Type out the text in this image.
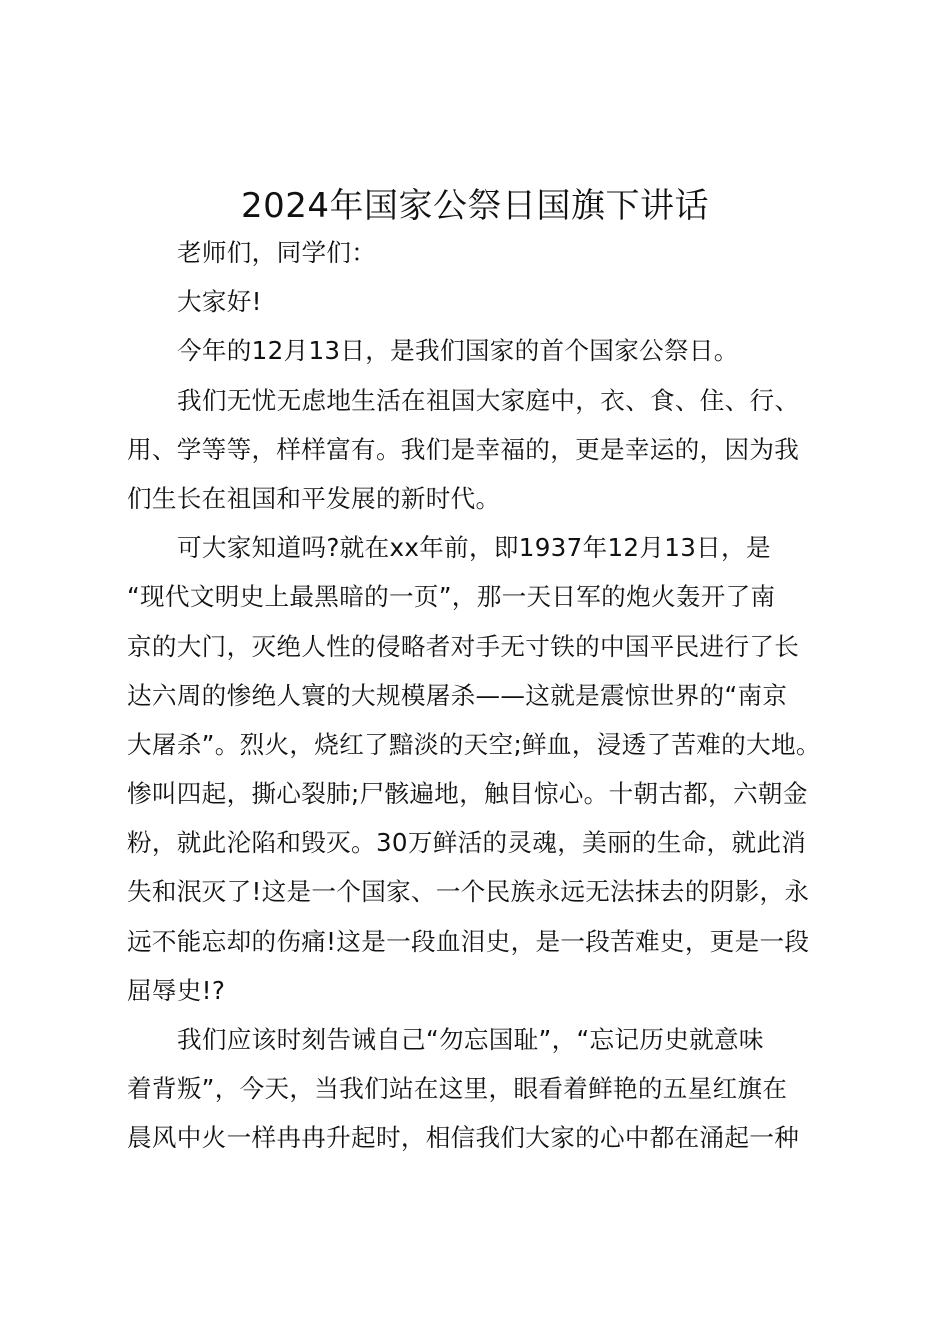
2024年国家公祭日国旗下讲话
老师们，同学们：
大家好!
今年的12月13日，是我们国家的首个国家公祭日。
我们无忧无虑地生活在祖国大家庭中，衣、食、住、行、
用、学等等，样样富有。我们是幸福的，更是幸运的，因为我
们生长在祖国和平发展的新时代。
可大家知道吗?就在xx年前，即1937年12月13日，是
“现代文明史上最黑暗的一页”，那一天日军的炮火轰开了南
京的大门，灭绝人性的侵略者对手无寸铁的中国平民进行了长
达六周的惨绝人寰的大规模屠杀——这就是震惊世界的“南京
大屠杀”。烈火，烧红了黯淡的天空;鲜血，浸透了苦难的大地。
惨叫四起，撕心裂肺;尸骸遍地，触目惊心。十朝古都，六朝金
粉，就此沦陷和毁灭。30万鲜活的灵魂，美丽的生命，就此消
失和泯灭了!这是一个国家、一个民族永远无法抹去的阴影，永
远不能忘却的伤痛!这是一段血泪史，是一段苦难史，更是一段
屈辱史!?
我们应该时刻告诫自己“勿忘国耻”，“忘记历史就意味
着背叛”，今天，当我们站在这里，眼看着鲜艳的五星红旗在
晨风中火一样冉冉升起时，相信我们大家的心中都在涌起一种
